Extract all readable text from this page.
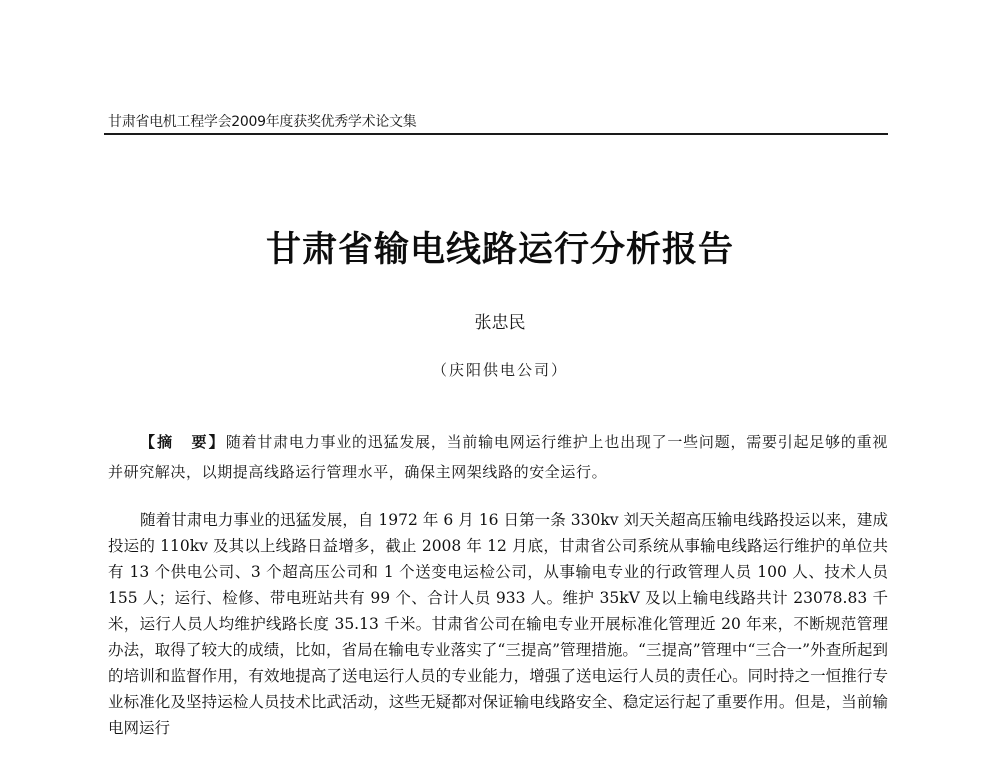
甘肃省电机工程学会2009年度获奖优秀学术论文集
甘肃省输电线路运行分析报告
张忠民
（庆阳供电公司）

【摘　要】随着甘肃电力事业的迅猛发展，当前输电网运行维护上也出现了一些问题，需要引起足够的重视并研究解决，以期提高线路运行管理水平，确保主网架线路的安全运行。

随着甘肃电力事业的迅猛发展，自 1972 年 6 月 16 日第一条 330kv 刘天关超高压输电线路投运以来，建成投运的 110kv 及其以上线路日益增多，截止 2008 年 12 月底，甘肃省公司系统从事输电线路运行维护的单位共有 13 个供电公司、3 个超高压公司和 1 个送变电运检公司，从事输电专业的行政管理人员 100 人、技术人员 155 人；运行、检修、带电班站共有 99 个、合计人员 933 人。维护 35kV 及以上输电线路共计 23078.83 千米，运行人员人均维护线路长度 35.13 千米。甘肃省公司在输电专业开展标准化管理近 20 年来，不断规范管理办法，取得了较大的成绩，比如，省局在输电专业落实了“三提高”管理措施。“三提高”管理中“三合一”外查所起到的培训和监督作用，有效地提高了送电运行人员的专业能力，增强了送电运行人员的责任心。同时持之一恒推行专业标准化及坚持运检人员技术比武活动，这些无疑都对保证输电线路安全、稳定运行起了重要作用。但是，当前输电网运行
